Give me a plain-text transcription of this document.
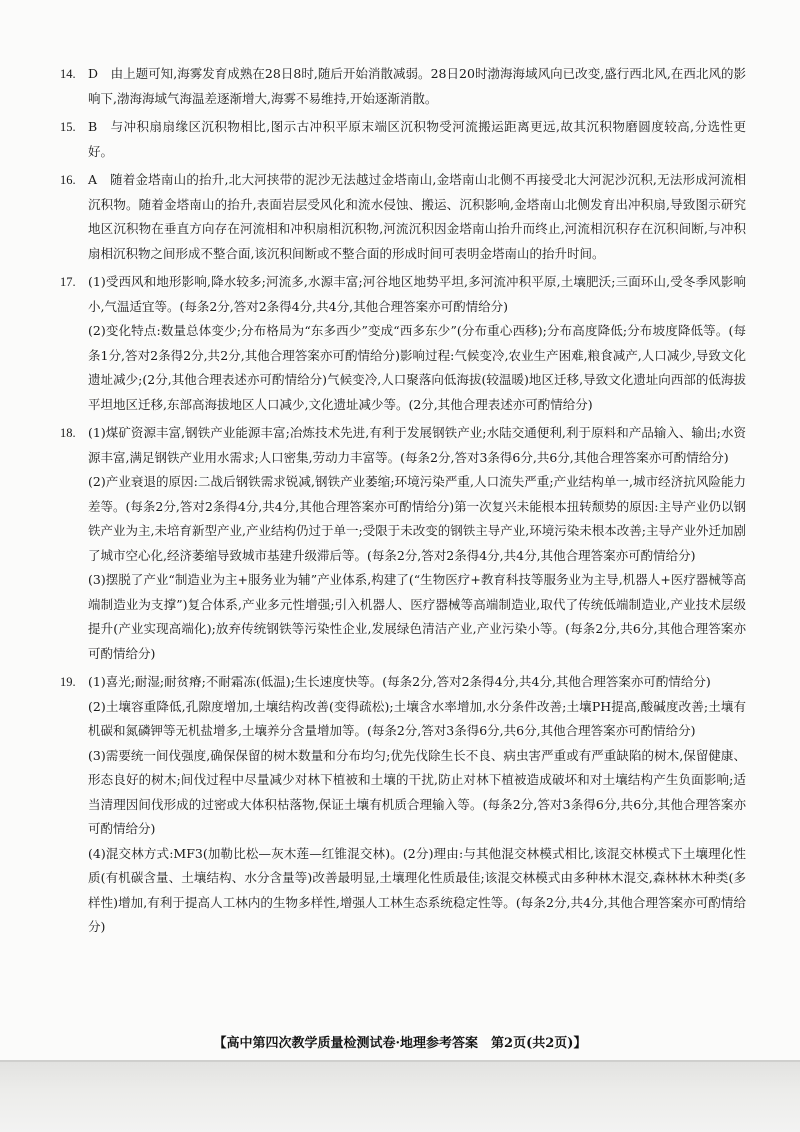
14. D　由上题可知,海雾发育成熟在28日8时,随后开始消散减弱。28日20时渤海海域风向已改变,盛行西北风,在西北风的影响下,渤海海域气海温差逐渐增大,海雾不易维持,开始逐渐消散。

15. B　与冲积扇扇缘区沉积物相比,图示古冲积平原末端区沉积物受河流搬运距离更远,故其沉积物磨圆度较高,分选性更好。

16. A　随着金塔南山的抬升,北大河挟带的泥沙无法越过金塔南山,金塔南山北侧不再接受北大河泥沙沉积,无法形成河流相沉积物。随着金塔南山的抬升,表面岩层受风化和流水侵蚀、搬运、沉积影响,金塔南山北侧发育出冲积扇,导致图示研究地区沉积物在垂直方向存在河流相和冲积扇相沉积物,河流沉积因金塔南山抬升而终止,河流相沉积存在沉积间断,与冲积扇相沉积物之间形成不整合面,该沉积间断或不整合面的形成时间可表明金塔南山的抬升时间。

17. (1)受西风和地形影响,降水较多;河流多,水源丰富;河谷地区地势平坦,多河流冲积平原,土壤肥沃;三面环山,受冬季风影响小,气温适宜等。(每条2分,答对2条得4分,共4分,其他合理答案亦可酌情给分)

(2)变化特点:数量总体变少;分布格局为“东多西少”变成“西多东少”(分布重心西移);分布高度降低;分布坡度降低等。(每条1分,答对2条得2分,共2分,其他合理答案亦可酌情给分)影响过程:气候变冷,农业生产困难,粮食减产,人口减少,导致文化遗址减少;(2分,其他合理表述亦可酌情给分)气候变冷,人口聚落向低海拔(较温暖)地区迁移,导致文化遗址向西部的低海拔平坦地区迁移,东部高海拔地区人口减少,文化遗址减少等。(2分,其他合理表述亦可酌情给分)

18. (1)煤矿资源丰富,钢铁产业能源丰富;冶炼技术先进,有利于发展钢铁产业;水陆交通便利,利于原料和产品输入、输出;水资源丰富,满足钢铁产业用水需求;人口密集,劳动力丰富等。(每条2分,答对3条得6分,共6分,其他合理答案亦可酌情给分)

(2)产业衰退的原因:二战后钢铁需求锐减,钢铁产业萎缩;环境污染严重,人口流失严重;产业结构单一,城市经济抗风险能力差等。(每条2分,答对2条得4分,共4分,其他合理答案亦可酌情给分)第一次复兴未能根本扭转颓势的原因:主导产业仍以钢铁产业为主,未培育新型产业,产业结构仍过于单一;受限于未改变的钢铁主导产业,环境污染未根本改善;主导产业外迁加剧了城市空心化,经济萎缩导致城市基建升级滞后等。(每条2分,答对2条得4分,共4分,其他合理答案亦可酌情给分)

(3)摆脱了产业“制造业为主+服务业为辅”产业体系,构建了(“生物医疗+教育科技等服务业为主导,机器人+医疗器械等高端制造业为支撑”)复合体系,产业多元性增强;引入机器人、医疗器械等高端制造业,取代了传统低端制造业,产业技术层级提升(产业实现高端化);放弃传统钢铁等污染性企业,发展绿色清洁产业,产业污染小等。(每条2分,共6分,其他合理答案亦可酌情给分)

19. (1)喜光;耐湿;耐贫瘠;不耐霜冻(低温);生长速度快等。(每条2分,答对2条得4分,共4分,其他合理答案亦可酌情给分)

(2)土壤容重降低,孔隙度增加,土壤结构改善(变得疏松);土壤含水率增加,水分条件改善;土壤PH提高,酸碱度改善;土壤有机碳和氮磷钾等无机盐增多,土壤养分含量增加等。(每条2分,答对3条得6分,共6分,其他合理答案亦可酌情给分)

(3)需要统一间伐强度,确保保留的树木数量和分布均匀;优先伐除生长不良、病虫害严重或有严重缺陷的树木,保留健康、形态良好的树木;间伐过程中尽量减少对林下植被和土壤的干扰,防止对林下植被造成破坏和对土壤结构产生负面影响;适当清理因间伐形成的过密或大体积枯落物,保证土壤有机质合理输入等。(每条2分,答对3条得6分,共6分,其他合理答案亦可酌情给分)

(4)混交林方式:MF3(加勒比松—灰木莲—红锥混交林)。(2分)理由:与其他混交林模式相比,该混交林模式下土壤理化性质(有机碳含量、土壤结构、水分含量等)改善最明显,土壤理化性质最佳;该混交林模式由多种林木混交,森林林木种类(多样性)增加,有利于提高人工林内的生物多样性,增强人工林生态系统稳定性等。(每条2分,共4分,其他合理答案亦可酌情给分)

【高中第四次教学质量检测试卷·地理参考答案　第2页(共2页)】
